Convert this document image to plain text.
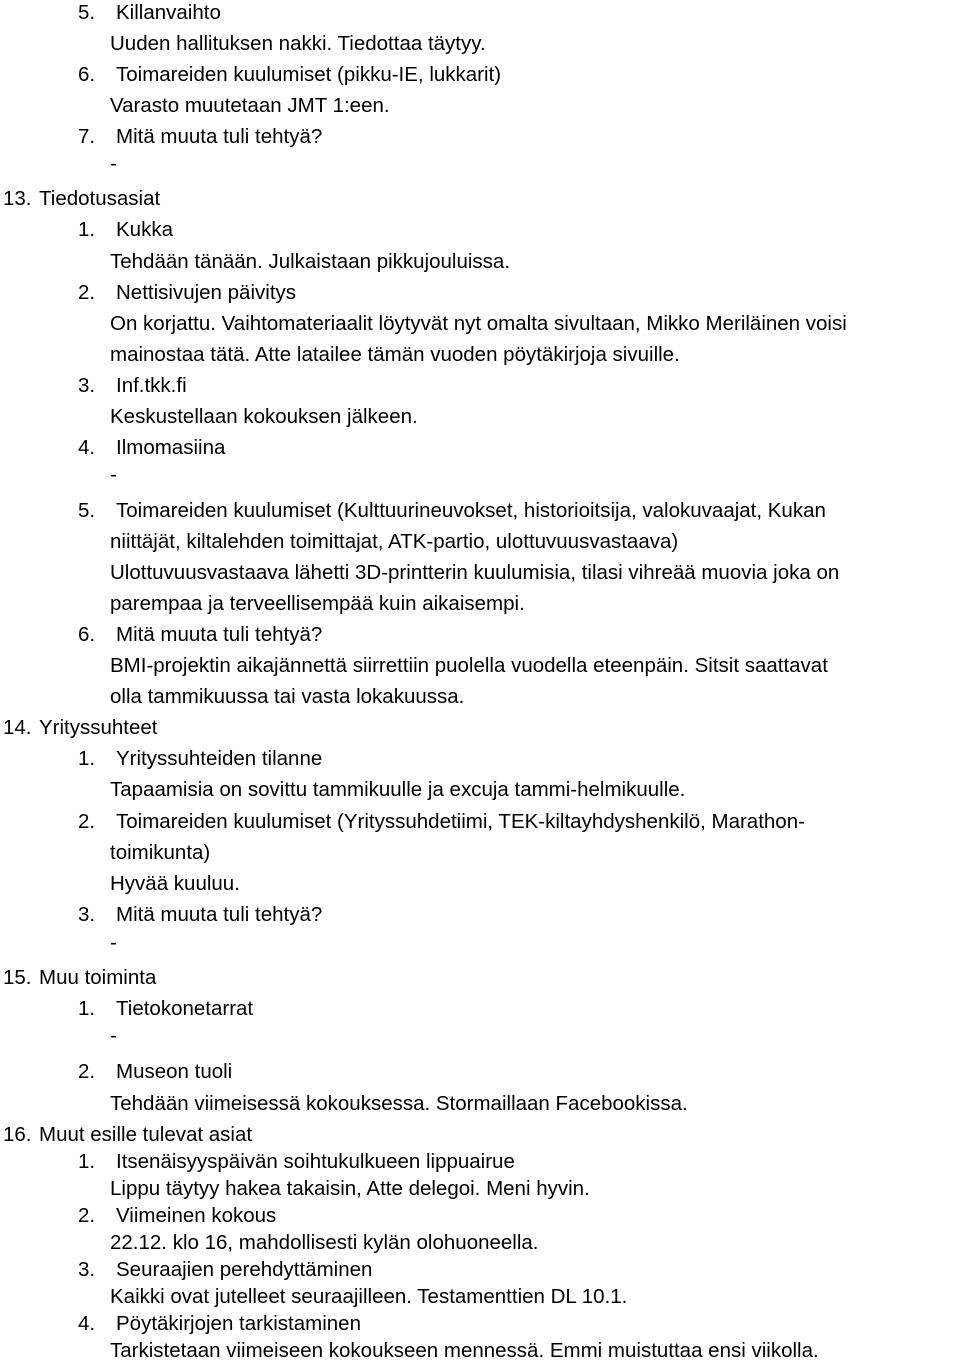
5. Killanvaihto
Uuden hallituksen nakki. Tiedottaa täytyy.
6. Toimareiden kuulumiset (pikku-IE, lukkarit)
Varasto muutetaan JMT 1:een.
7. Mitä muuta tuli tehtyä?
-
13. Tiedotusasiat
1. Kukka
Tehdään tänään. Julkaistaan pikkujouluissa.
2. Nettisivujen päivitys
On korjattu. Vaihtomateriaalit löytyvät nyt omalta sivultaan, Mikko Meriläinen voisi
mainostaa tätä. Atte latailee tämän vuoden pöytäkirjoja sivuille.
3. Inf.tkk.fi
Keskustellaan kokouksen jälkeen.
4. Ilmomasiina
-
5. Toimareiden kuulumiset (Kulttuurineuvokset, historioitsija, valokuvaajat, Kukan
niittäjät, kiltalehden toimittajat, ATK-partio, ulottuvuusvastaava)
Ulottuvuusvastaava lähetti 3D-printterin kuulumisia, tilasi vihreää muovia joka on
parempaa ja terveellisempää kuin aikaisempi.
6. Mitä muuta tuli tehtyä?
BMI-projektin aikajännettä siirrettiin puolella vuodella eteenpäin. Sitsit saattavat
olla tammikuussa tai vasta lokakuussa.
14. Yrityssuhteet
1. Yrityssuhteiden tilanne
Tapaamisia on sovittu tammikuulle ja excuja tammi-helmikuulle.
2. Toimareiden kuulumiset (Yrityssuhdetiimi, TEK-kiltayhdyshenkilö, Marathon-
toimikunta)
Hyvää kuuluu.
3. Mitä muuta tuli tehtyä?
-
15. Muu toiminta
1. Tietokonetarrat
-
2. Museon tuoli
Tehdään viimeisessä kokouksessa. Stormaillaan Facebookissa.
16. Muut esille tulevat asiat
1. Itsenäisyyspäivän soihtukulkueen lippuairue
Lippu täytyy hakea takaisin, Atte delegoi. Meni hyvin.
2. Viimeinen kokous
22.12. klo 16, mahdollisesti kylän olohuoneella.
3. Seuraajien perehdyttäminen
Kaikki ovat jutelleet seuraajilleen. Testamenttien DL 10.1.
4. Pöytäkirjojen tarkistaminen
Tarkistetaan viimeiseen kokoukseen mennessä. Emmi muistuttaa ensi viikolla.
